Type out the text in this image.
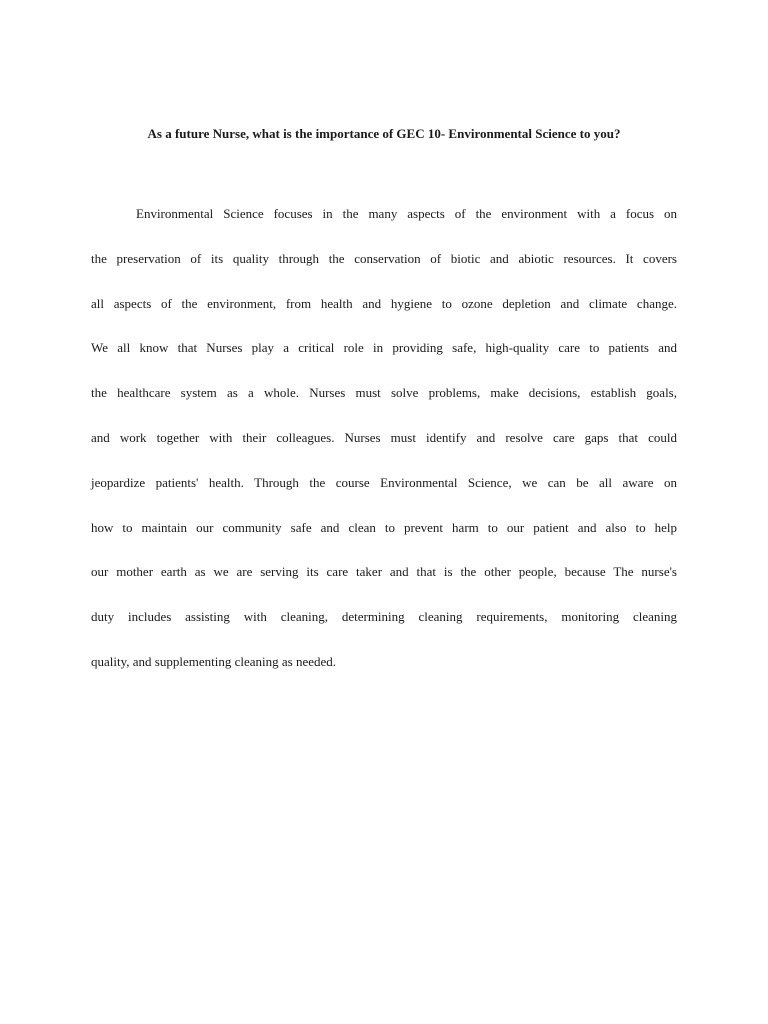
As a future Nurse, what is the importance of GEC 10- Environmental Science to you?
Environmental Science focuses in the many aspects of the environment with a focus on
the preservation of its quality through the conservation of biotic and abiotic resources. It covers
all aspects of the environment, from health and hygiene to ozone depletion and climate change.
We all know that Nurses play a critical role in providing safe, high-quality care to patients and
the healthcare system as a whole. Nurses must solve problems, make decisions, establish goals,
and work together with their colleagues. Nurses must identify and resolve care gaps that could
jeopardize patients' health. Through the course Environmental Science, we can be all aware on
how to maintain our community safe and clean to prevent harm to our patient and also to help
our mother earth as we are serving its care taker and that is the other people, because The nurse's
duty includes assisting with cleaning, determining cleaning requirements, monitoring cleaning
quality, and supplementing cleaning as needed.
